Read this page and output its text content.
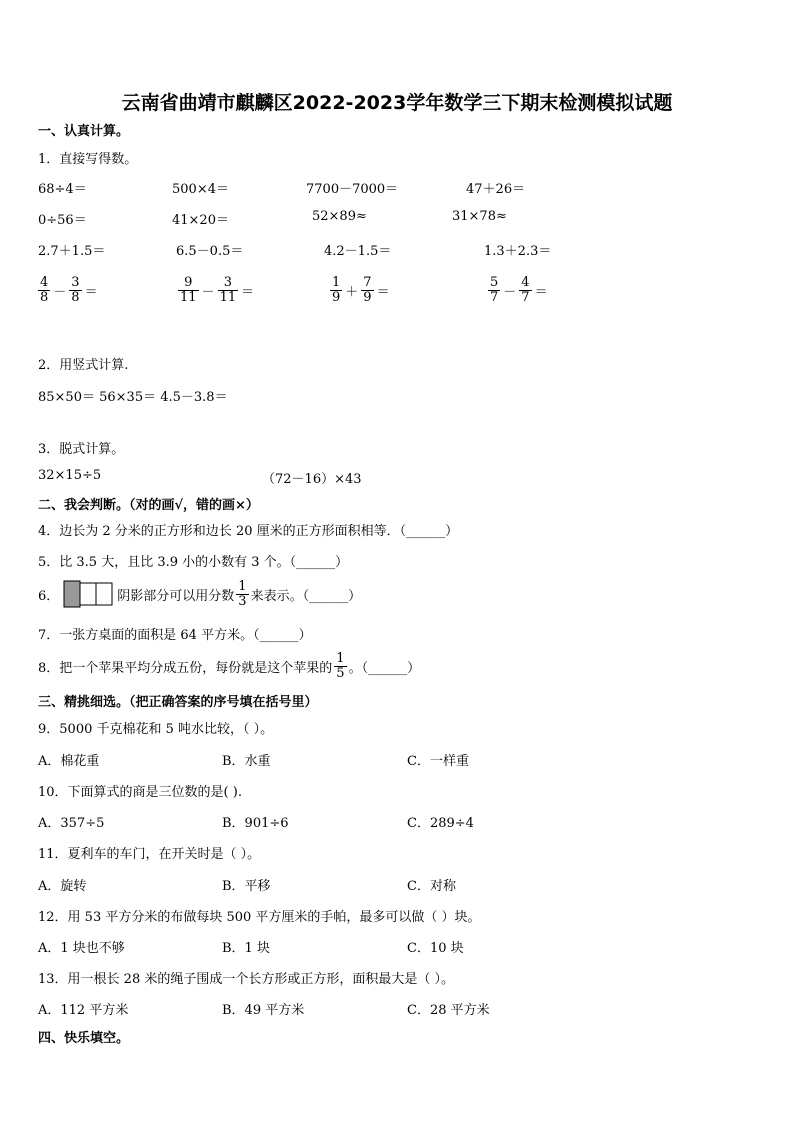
云南省曲靖市麒麟区2022-2023学年数学三下期末检测模拟试题
一、认真计算。
1．直接写得数。
68÷4＝	500×4＝	7700－7000＝	47＋26＝
0÷56＝	41×20＝	52×89≈	31×78≈
2.7＋1.5＝	6.5－0.5＝	4.2－1.5＝	1.3＋2.3＝
$\frac{4}{8} - \frac{3}{8}$ ＝	$\frac{9}{11} - \frac{3}{11}$ ＝	$\frac{1}{9} + \frac{7}{9}$ ＝	$\frac{5}{7} - \frac{4}{7}$ ＝
2．用竖式计算.
85×50＝ 56×35＝ 4.5－3.8＝
3．脱式计算。
32×15÷5	（72－16）×43
二、我会判断。（对的画√，错的画×）
4．边长为 2 分米的正方形和边长 20 厘米的正方形面积相等．（______）
5．比 3.5 大，且比 3.9 小的小数有 3 个。（______）
6．	阴影部分可以用分数 $\frac{1}{3}$ 来表示。（______）
7．一张方桌面的面积是 64 平方米。（______）
8．把一个苹果平均分成五份，每份就是这个苹果的 $\frac{1}{5}$ 。（______）
三、精挑细选。（把正确答案的序号填在括号里）
9．5000 千克棉花和 5 吨水比较，（ ）。
A．棉花重	B．水重	C．一样重
10．下面算式的商是三位数的是( ).
A．357÷5	B．901÷6	C．289÷4
11．夏利车的车门，在开关时是（ ）。
A．旋转	B．平移	C．对称
12．用 53 平方分米的布做每块 500 平方厘米的手帕，最多可以做（ ）块。
A．1 块也不够	B．1 块	C．10 块
13．用一根长 28 米的绳子围成一个长方形或正方形，面积最大是（ ）。
A．112 平方米	B．49 平方米	C．28 平方米
四、快乐填空。
